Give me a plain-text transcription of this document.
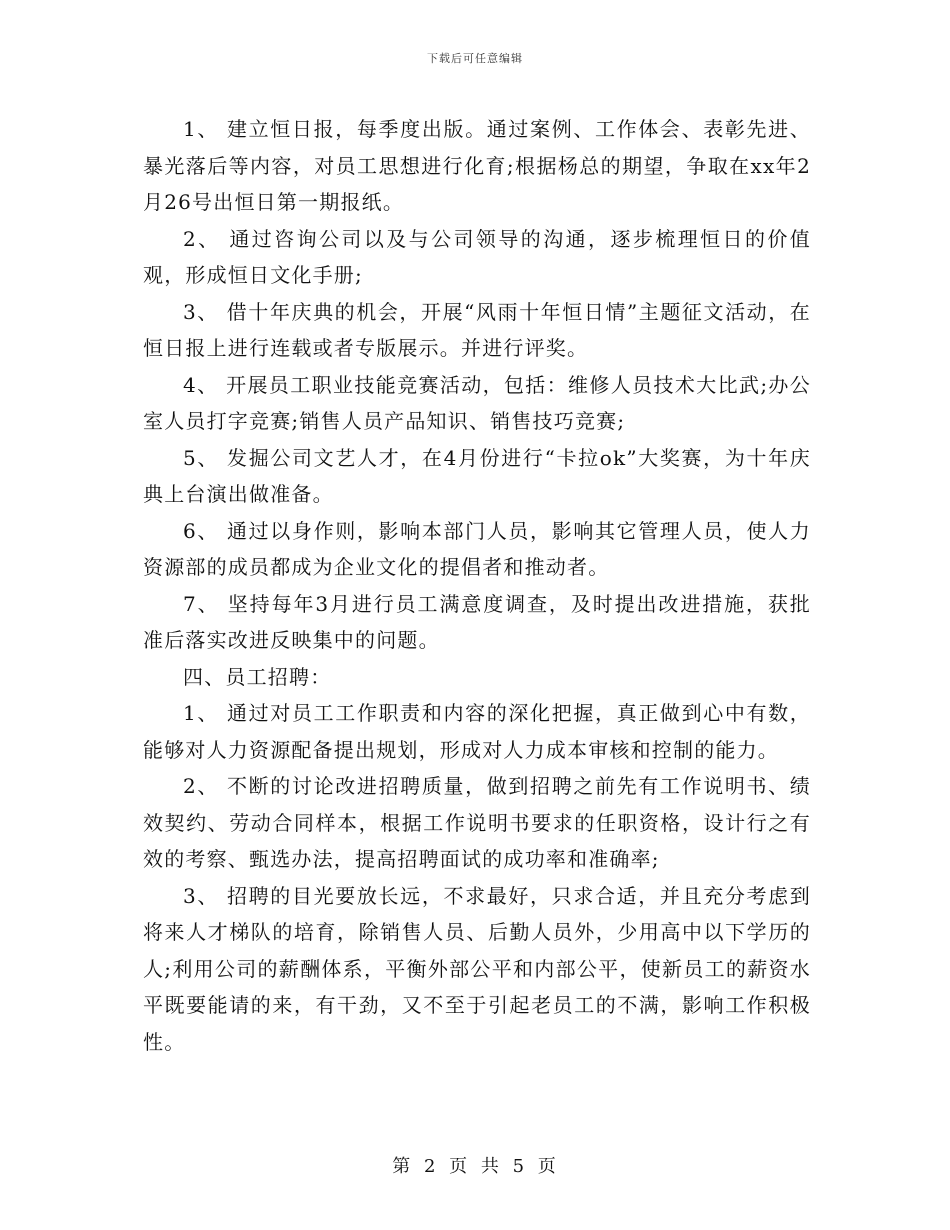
下载后可任意编辑

1、 建立恒日报，每季度出版。通过案例、工作体会、表彰先进、暴光落后等内容，对员工思想进行化育;根据杨总的期望，争取在xx年2月26号出恒日第一期报纸。

2、 通过咨询公司以及与公司领导的沟通，逐步梳理恒日的价值观，形成恒日文化手册;

3、 借十年庆典的机会，开展“风雨十年恒日情”主题征文活动，在恒日报上进行连载或者专版展示。并进行评奖。

4、 开展员工职业技能竞赛活动，包括：维修人员技术大比武;办公室人员打字竞赛;销售人员产品知识、销售技巧竞赛;

5、 发掘公司文艺人才，在4月份进行“卡拉ok”大奖赛，为十年庆典上台演出做准备。

6、 通过以身作则，影响本部门人员，影响其它管理人员，使人力资源部的成员都成为企业文化的提倡者和推动者。

7、 坚持每年3月进行员工满意度调查，及时提出改进措施，获批准后落实改进反映集中的问题。

四、员工招聘：

1、 通过对员工工作职责和内容的深化把握，真正做到心中有数，能够对人力资源配备提出规划，形成对人力成本审核和控制的能力。

2、 不断的讨论改进招聘质量，做到招聘之前先有工作说明书、绩效契约、劳动合同样本，根据工作说明书要求的任职资格，设计行之有效的考察、甄选办法，提高招聘面试的成功率和准确率;

3、 招聘的目光要放长远，不求最好，只求合适，并且充分考虑到将来人才梯队的培育，除销售人员、后勤人员外，少用高中以下学历的人;利用公司的薪酬体系，平衡外部公平和内部公平，使新员工的薪资水平既要能请的来，有干劲，又不至于引起老员工的不满，影响工作积极性。

第 2 页 共 5 页
